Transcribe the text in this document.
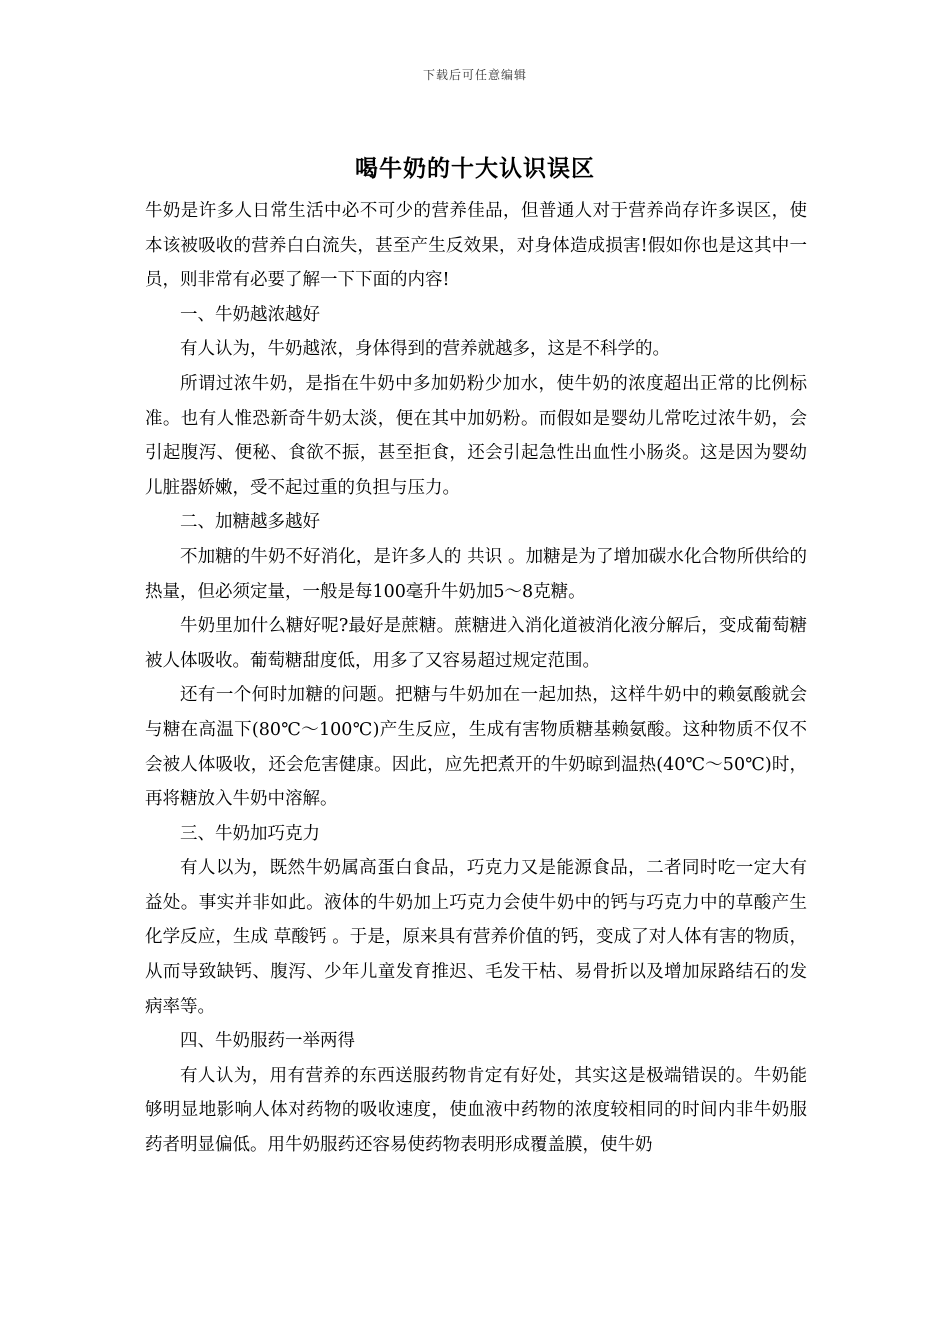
下载后可任意编辑
喝牛奶的十大认识误区

牛奶是许多人日常生活中必不可少的营养佳品，但普通人对于营养尚存许多误区，使本该被吸收的营养白白流失，甚至产生反效果，对身体造成损害!假如你也是这其中一员，则非常有必要了解一下下面的内容!

一、牛奶越浓越好

有人认为，牛奶越浓，身体得到的营养就越多，这是不科学的。

所谓过浓牛奶，是指在牛奶中多加奶粉少加水，使牛奶的浓度超出正常的比例标准。也有人惟恐新奇牛奶太淡，便在其中加奶粉。而假如是婴幼儿常吃过浓牛奶，会引起腹泻、便秘、食欲不振，甚至拒食，还会引起急性出血性小肠炎。这是因为婴幼儿脏器娇嫩，受不起过重的负担与压力。

二、加糖越多越好

不加糖的牛奶不好消化，是许多人的 共识 。加糖是为了增加碳水化合物所供给的热量，但必须定量，一般是每100毫升牛奶加5～8克糖。

牛奶里加什么糖好呢?最好是蔗糖。蔗糖进入消化道被消化液分解后，变成葡萄糖被人体吸收。葡萄糖甜度低，用多了又容易超过规定范围。

还有一个何时加糖的问题。把糖与牛奶加在一起加热，这样牛奶中的赖氨酸就会与糖在高温下(80℃～100℃)产生反应，生成有害物质糖基赖氨酸。这种物质不仅不会被人体吸收，还会危害健康。因此，应先把煮开的牛奶晾到温热(40℃～50℃)时，再将糖放入牛奶中溶解。

三、牛奶加巧克力

有人以为，既然牛奶属高蛋白食品，巧克力又是能源食品，二者同时吃一定大有益处。事实并非如此。液体的牛奶加上巧克力会使牛奶中的钙与巧克力中的草酸产生化学反应，生成 草酸钙 。于是，原来具有营养价值的钙，变成了对人体有害的物质，从而导致缺钙、腹泻、少年儿童发育推迟、毛发干枯、易骨折以及增加尿路结石的发病率等。

四、牛奶服药一举两得

有人认为，用有营养的东西送服药物肯定有好处，其实这是极端错误的。牛奶能够明显地影响人体对药物的吸收速度，使血液中药物的浓度较相同的时间内非牛奶服药者明显偏低。用牛奶服药还容易使药物表明形成覆盖膜，使牛奶
